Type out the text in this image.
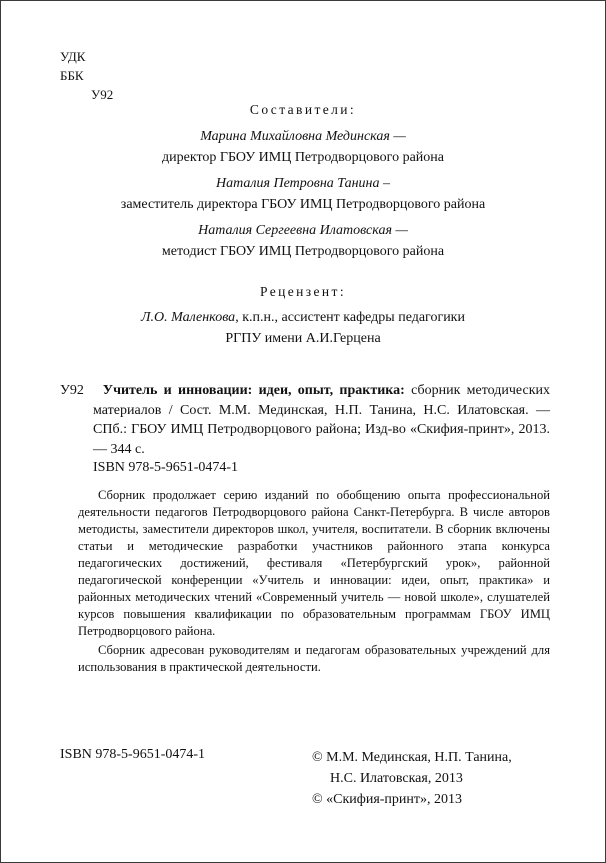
УДК
ББК
У92
Составители:
Марина Михайловна Мединская —
директор ГБОУ ИМЦ Петродворцового района
Наталия Петровна Танина –
заместитель директора ГБОУ ИМЦ Петродворцового района
Наталия Сергеевна Илатовская —
методист ГБОУ ИМЦ Петродворцового района
Рецензент:
Л.О. Маленкова, к.п.н., ассистент кафедры педагогики
РГПУ имени А.И.Герцена
У92 Учитель и инновации: идеи, опыт, практика: сборник методических материалов / Сост. М.М. Мединская, Н.П. Танина, Н.С. Илатовская. — СПб.: ГБОУ ИМЦ Петродворцового района; Изд-во «Скифия-принт», 2013. — 344 с.
ISBN 978-5-9651-0474-1

Сборник продолжает серию изданий по обобщению опыта профессиональной деятельности педагогов Петродворцового района Санкт-Петербурга. В числе авторов методисты, заместители директоров школ, учителя, воспитатели. В сборник включены статьи и методические разработки участников районного этапа конкурса педагогических достижений, фестиваля «Петербургский урок», районной педагогической конференции «Учитель и инновации: идеи, опыт, практика» и районных методических чтений «Современный учитель — новой школе», слушателей курсов повышения квалификации по образовательным программам ГБОУ ИМЦ Петродворцового района.

Сборник адресован руководителям и педагогам образовательных учреждений для использования в практической деятельности.

ISBN 978-5-9651-0474-1	© М.М. Мединская, Н.П. Танина,
Н.С. Илатовская, 2013
© «Скифия-принт», 2013
